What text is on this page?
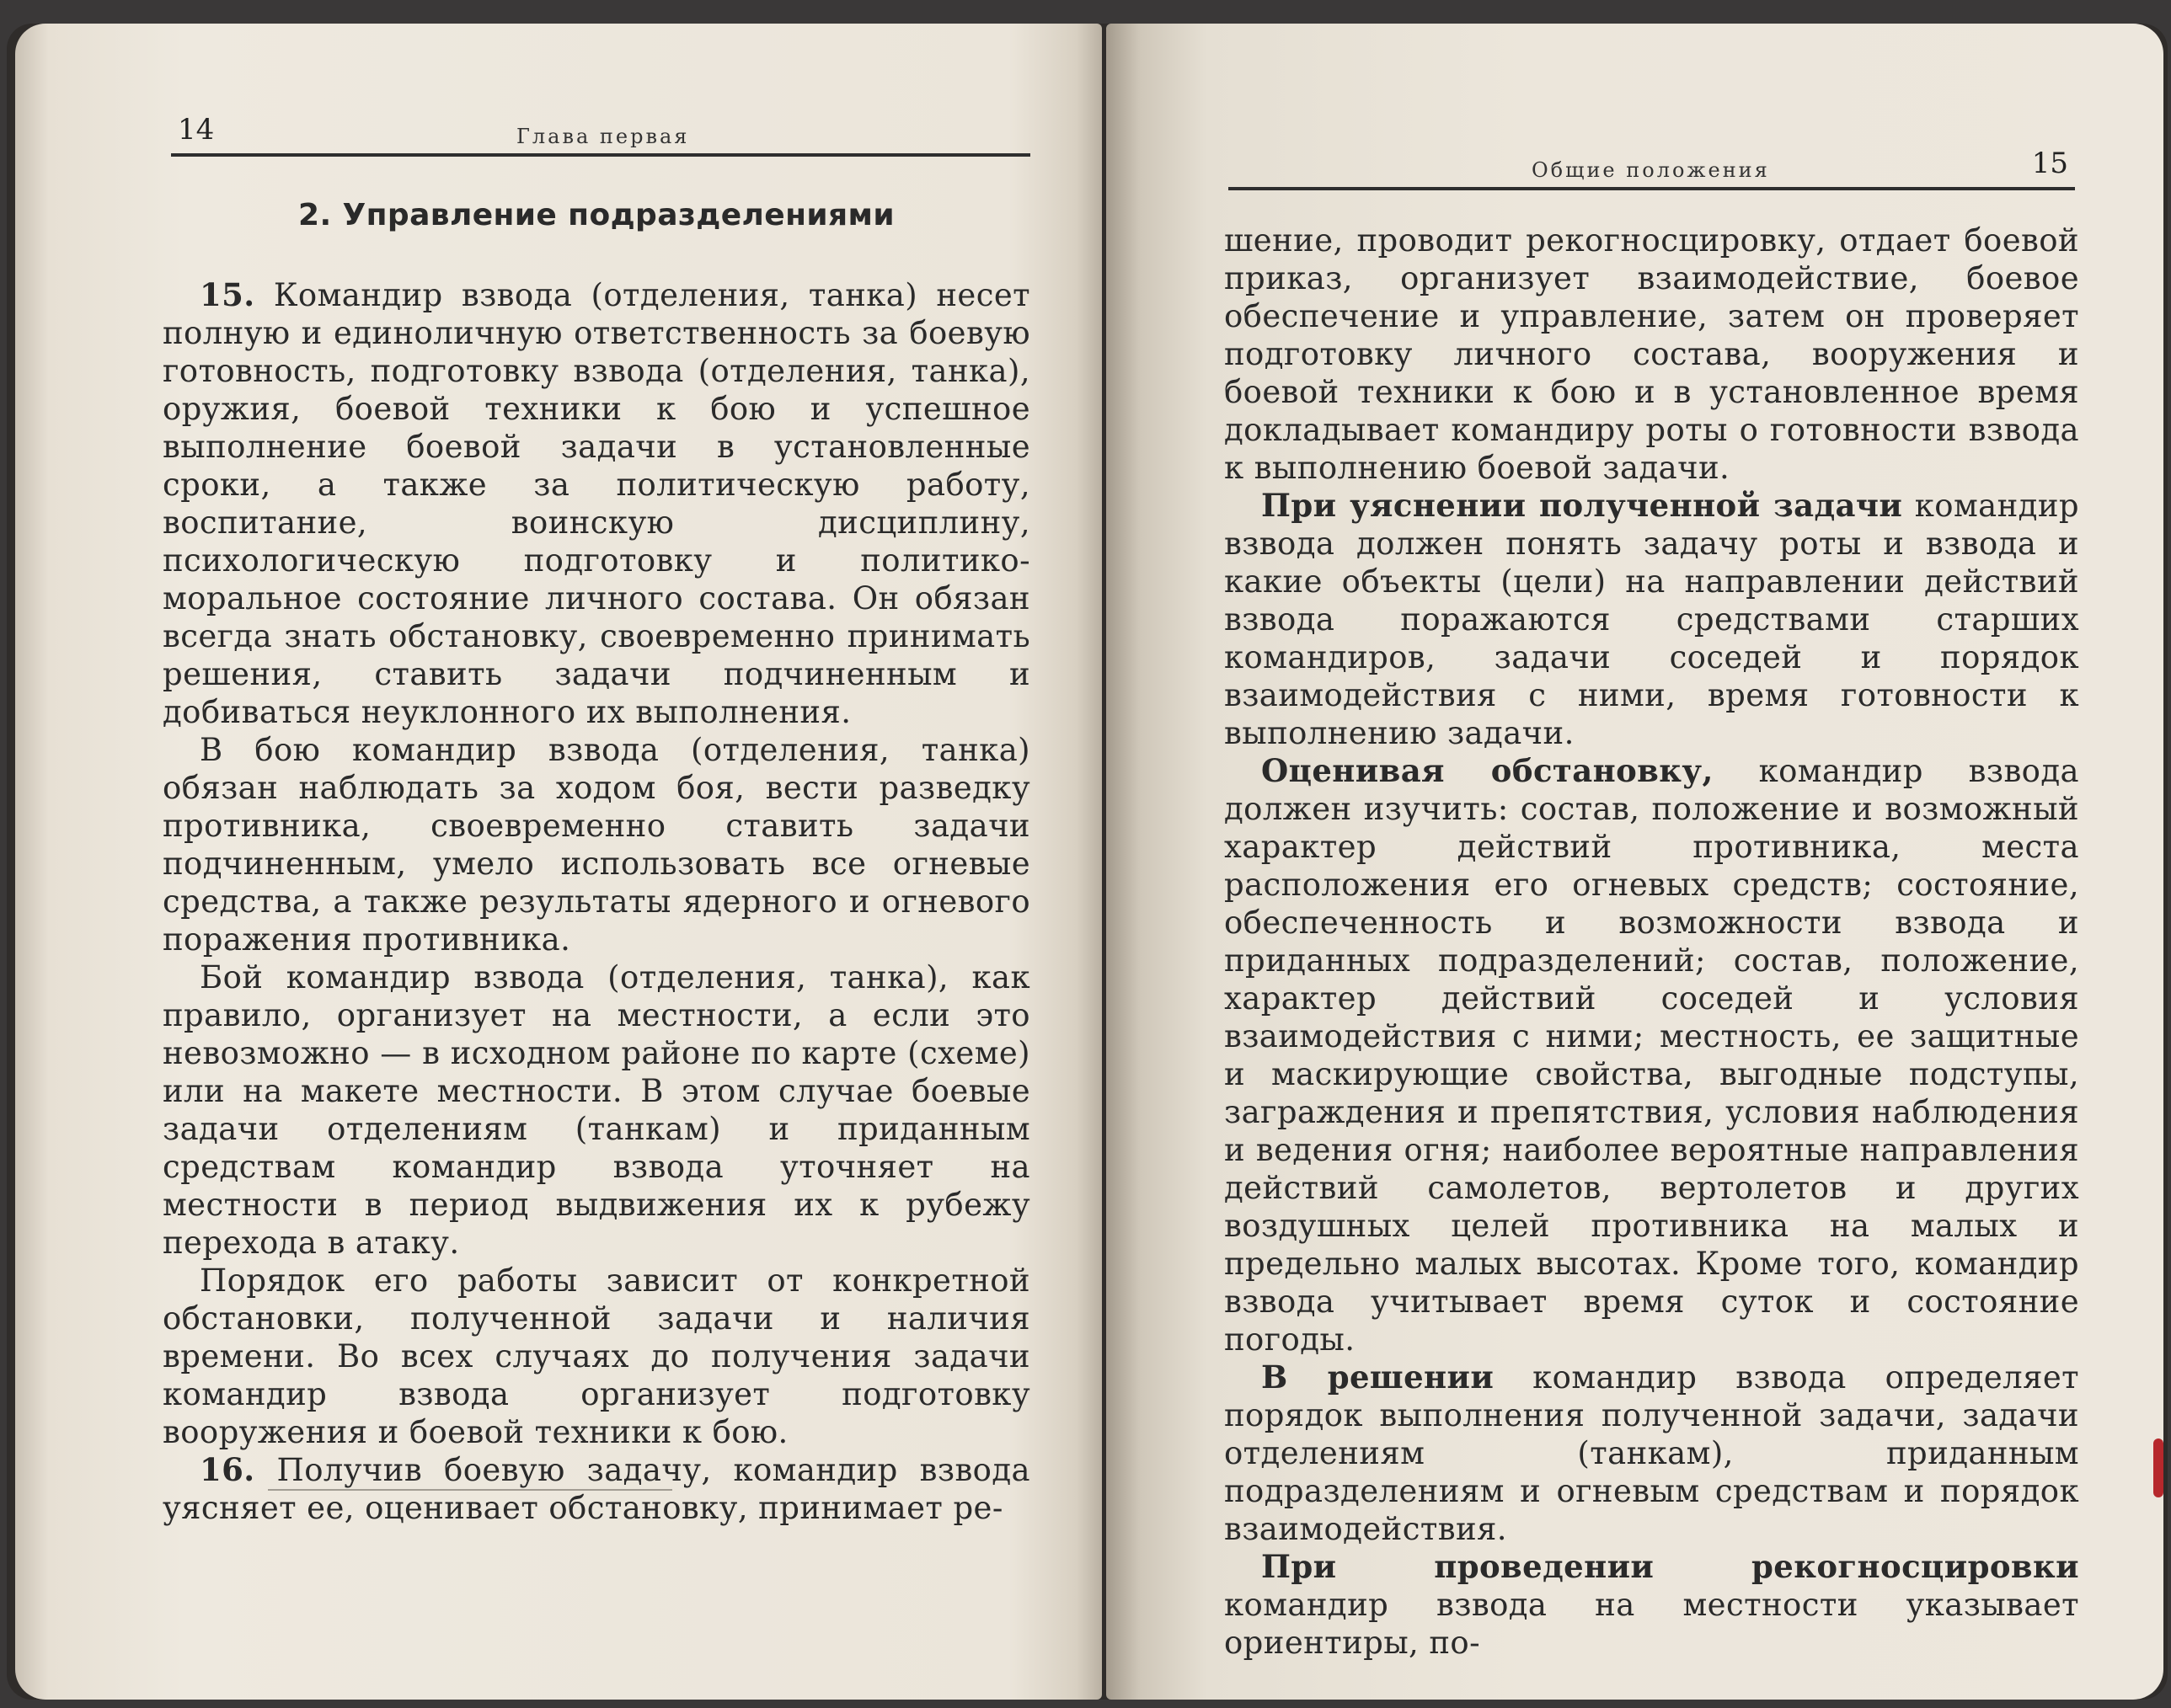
14	Глава первая
2. Управление подразделениями

15. Командир взвода (отделения, танка) несет полную и единоличную ответственность за боевую готовность, подготовку взвода (отделения, танка), оружия, боевой техники к бою и успешное выполнение боевой задачи в установленные сроки, а также за политическую работу, воспитание, воинскую дисциплину, психологическую подготовку и политико-моральное состояние личного состава. Он обязан всегда знать обстановку, своевременно принимать решения, ставить задачи подчиненным и добиваться неуклонного их выполнения.

В бою командир взвода (отделения, танка) обязан наблюдать за ходом боя, вести разведку противника, своевременно ставить задачи подчиненным, умело использовать все огневые средства, а также результаты ядерного и огневого поражения противника.

Бой командир взвода (отделения, танка), как правило, организует на местности, а если это невозможно — в исходном районе по карте (схеме) или на макете местности. В этом случае боевые задачи отделениям (танкам) и приданным средствам командир взвода уточняет на местности в период выдвижения их к рубежу перехода в атаку.

Порядок его работы зависит от конкретной обстановки, полученной задачи и наличия времени. Во всех случаях до получения задачи командир взвода организует подготовку вооружения и боевой техники к бою.

16. Получив боевую задачу, командир взвода уясняет ее, оценивает обстановку, принимает ре-

Общие положения	15

шение, проводит рекогносцировку, отдает боевой приказ, организует взаимодействие, боевое обеспечение и управление, затем он проверяет подготовку личного состава, вооружения и боевой техники к бою и в установленное время докладывает командиру роты о готовности взвода к выполнению боевой задачи.

При уяснении полученной задачи командир взвода должен понять задачу роты и взвода и какие объекты (цели) на направлении действий взвода поражаются средствами старших командиров, задачи соседей и порядок взаимодействия с ними, время готовности к выполнению задачи.

Оценивая обстановку, командир взвода должен изучить: состав, положение и возможный характер действий противника, места расположения его огневых средств; состояние, обеспеченность и возможности взвода и приданных подразделений; состав, положение, характер действий соседей и условия взаимодействия с ними; местность, ее защитные и маскирующие свойства, выгодные подступы, заграждения и препятствия, условия наблюдения и ведения огня; наиболее вероятные направления действий самолетов, вертолетов и других воздушных целей противника на малых и предельно малых высотах. Кроме того, командир взвода учитывает время суток и состояние погоды.

В решении командир взвода определяет порядок выполнения полученной задачи, задачи отделениям (танкам), приданным подразделениям и огневым средствам и порядок взаимодействия.

При проведении рекогносцировки командир взвода на местности указывает ориентиры, по-
